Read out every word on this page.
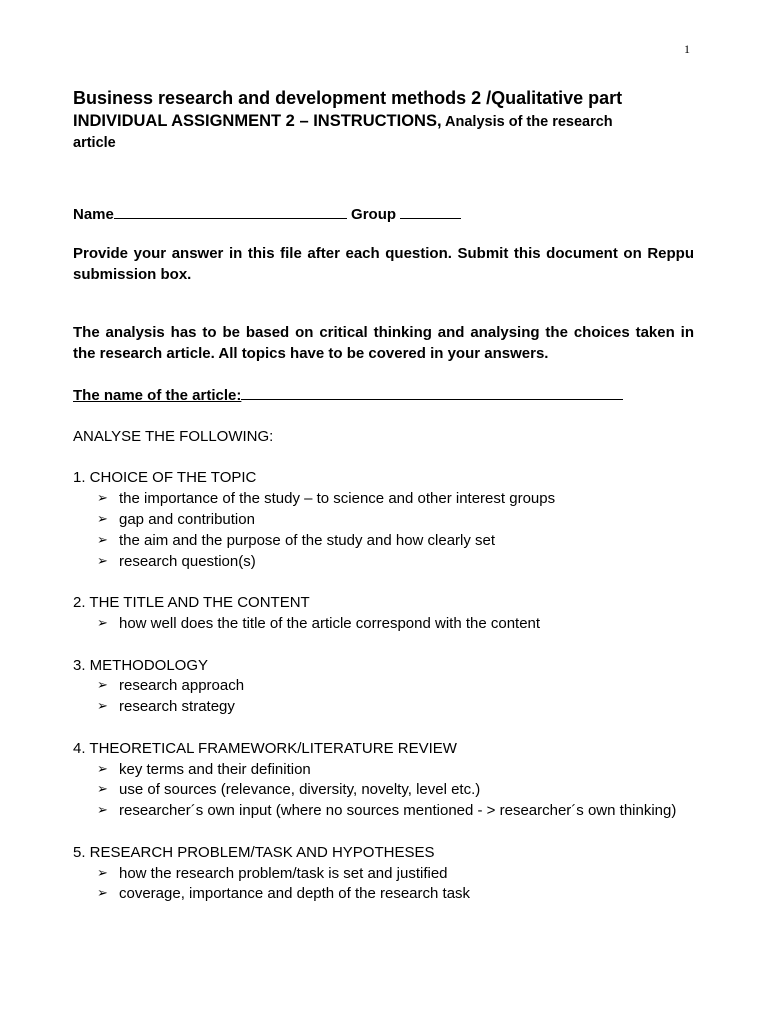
1

Business research and development methods 2 /Qualitative part

INDIVIDUAL ASSIGNMENT 2 – INSTRUCTIONS, Analysis of the research

article

Name	Group

Provide your answer in this file after each question. Submit this document on Reppu submission box.

The analysis has to be based on critical thinking and analysing the choices taken in the research article. All topics have to be covered in your answers.

The name of the article:

ANALYSE THE FOLLOWING:

1. CHOICE OF THE TOPIC

➢ the importance of the study – to science and other interest groups
➢ gap and contribution
➢ the aim and the purpose of the study and how clearly set
➢ research question(s)

2. THE TITLE AND THE CONTENT

➢ how well does the title of the article correspond with the content

3. METHODOLOGY

➢ research approach
➢ research strategy

4. THEORETICAL FRAMEWORK/LITERATURE REVIEW

➢ key terms and their definition
➢ use of sources (relevance, diversity, novelty, level etc.)
➢ researcher´s own input (where no sources mentioned - > researcher´s own thinking)

5. RESEARCH PROBLEM/TASK AND HYPOTHESES

➢ how the research problem/task is set and justified
➢ coverage, importance and depth of the research task
